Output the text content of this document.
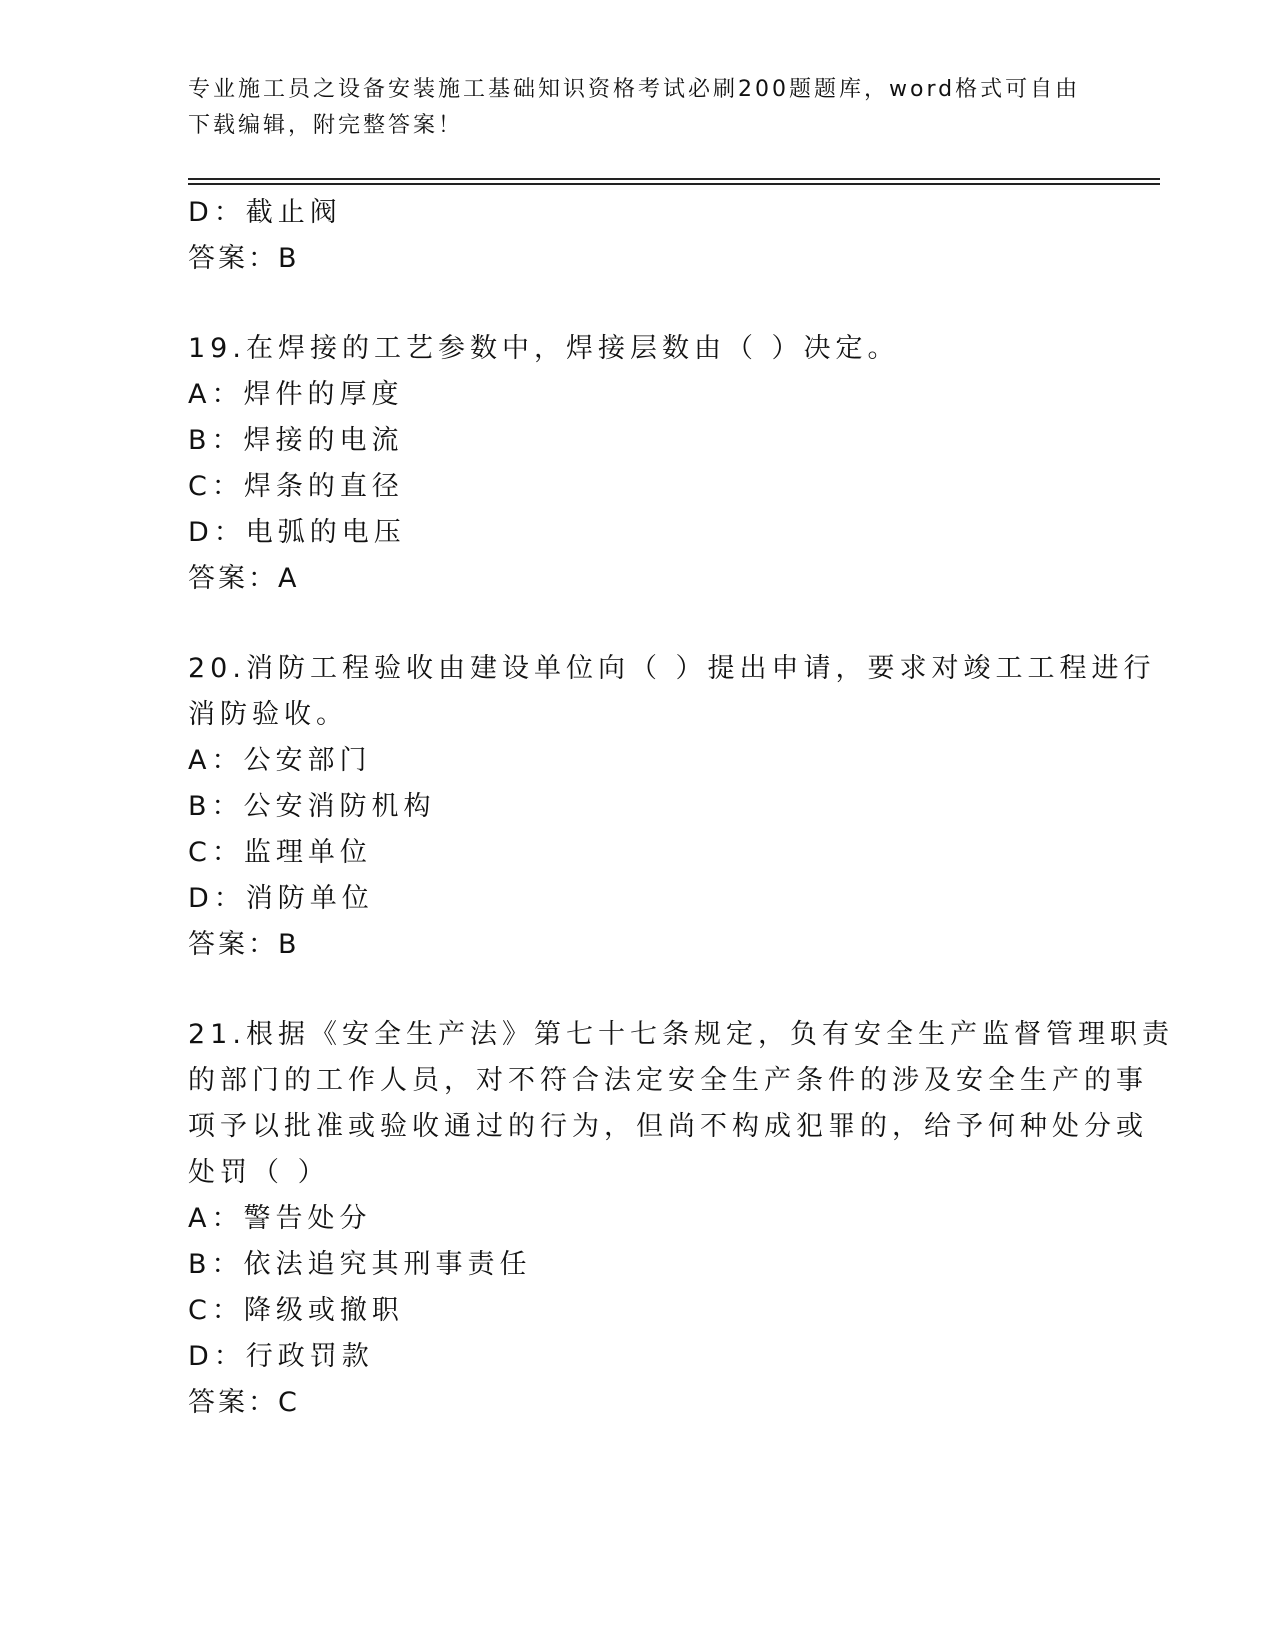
专业施工员之设备安装施工基础知识资格考试必刷200题题库，word格式可自由
下载编辑，附完整答案！
D：截止阀
答案：B
19.在焊接的工艺参数中，焊接层数由（ ）决定。
A：焊件的厚度
B：焊接的电流
C：焊条的直径
D：电弧的电压
答案：A
20.消防工程验收由建设单位向（ ）提出申请，要求对竣工工程进行
消防验收。
A：公安部门
B：公安消防机构
C：监理单位
D：消防单位
答案：B
21.根据《安全生产法》第七十七条规定，负有安全生产监督管理职责
的部门的工作人员，对不符合法定安全生产条件的涉及安全生产的事
项予以批准或验收通过的行为，但尚不构成犯罪的，给予何种处分或
处罚（ ）
A：警告处分
B：依法追究其刑事责任
C：降级或撤职
D：行政罚款
答案：C
